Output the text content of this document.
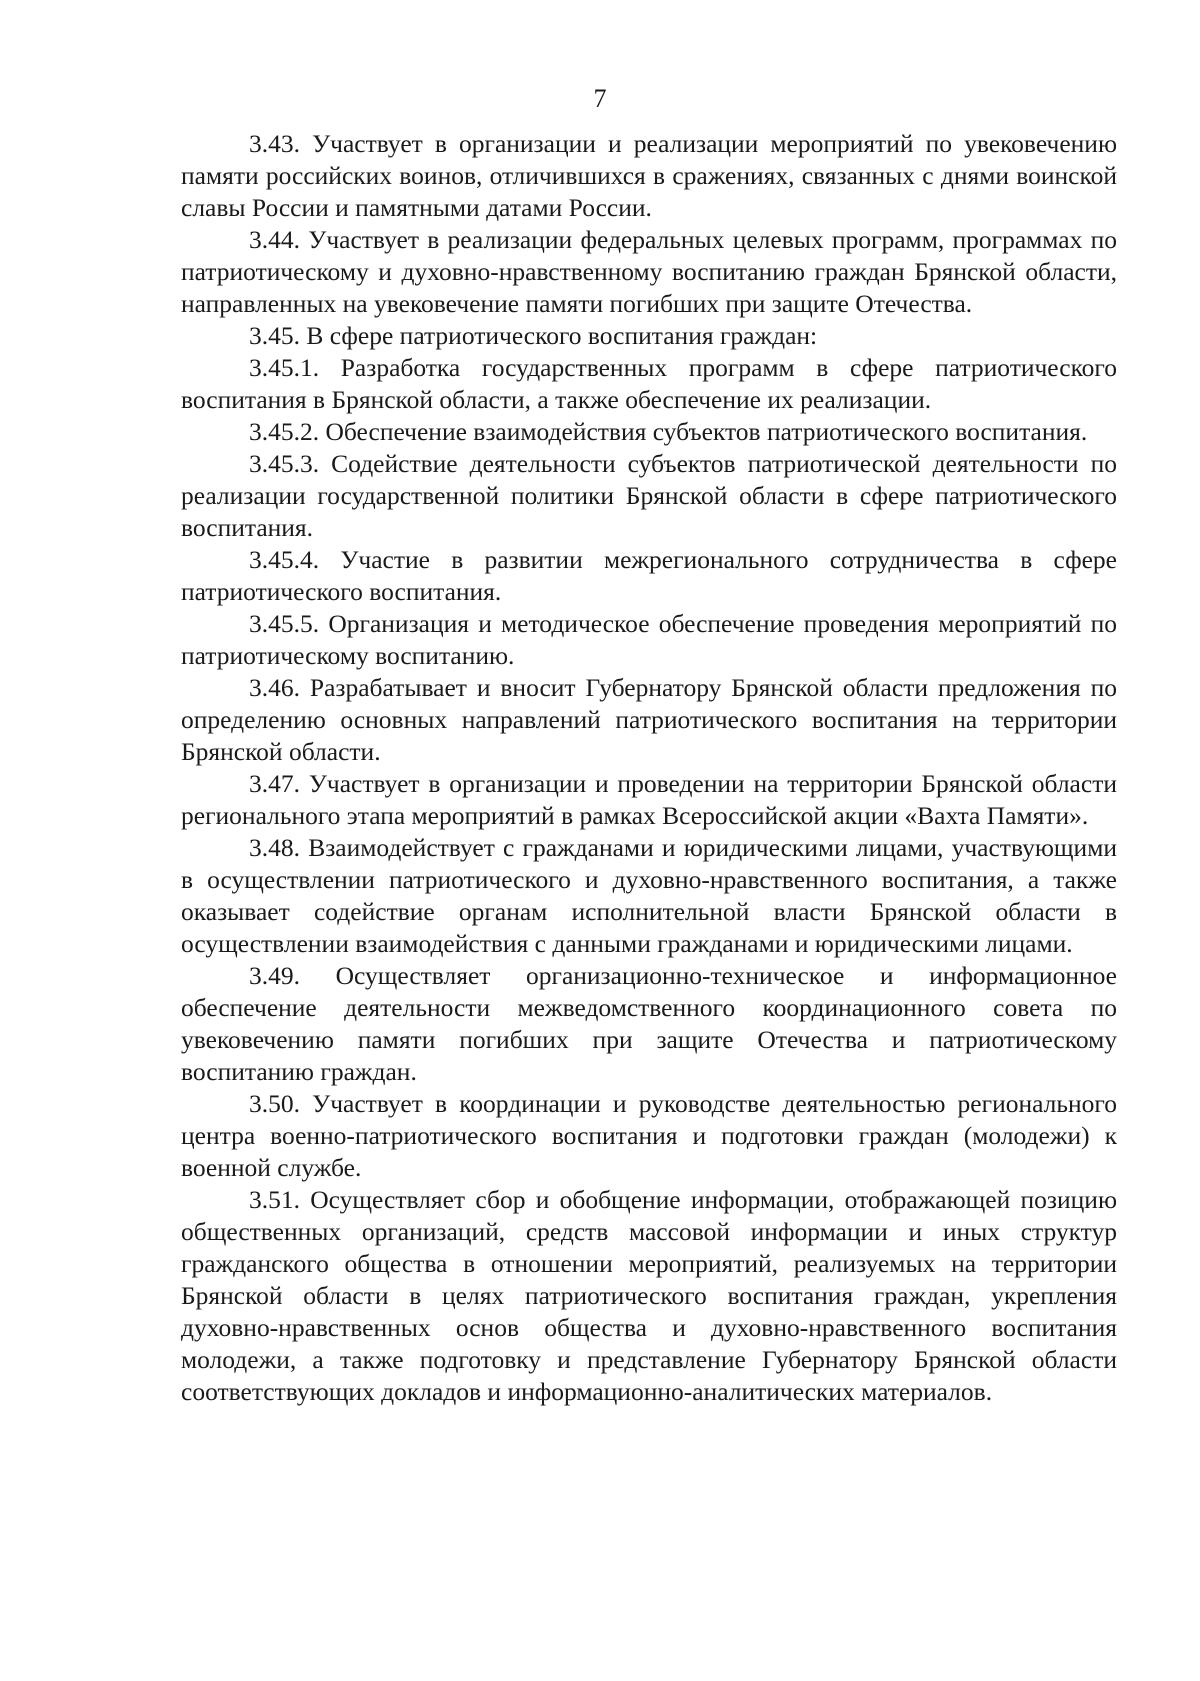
7

3.43. Участвует в организации и реализации мероприятий по увековечению памяти российских воинов, отличившихся в сражениях, связанных с днями воинской славы России и памятными датами России.

3.44. Участвует в реализации федеральных целевых программ, программах по патриотическому и духовно-нравственному воспитанию граждан Брянской области, направленных на увековечение памяти погибших при защите Отечества.

3.45. В сфере патриотического воспитания граждан:

3.45.1. Разработка государственных программ в сфере патриотического воспитания в Брянской области, а также обеспечение их реализации.

3.45.2. Обеспечение взаимодействия субъектов патриотического воспитания.

3.45.3. Содействие деятельности субъектов патриотической деятельности по реализации государственной политики Брянской области в сфере патриотического воспитания.

3.45.4. Участие в развитии межрегионального сотрудничества в сфере патриотического воспитания.

3.45.5. Организация и методическое обеспечение проведения мероприятий по патриотическому воспитанию.

3.46. Разрабатывает и вносит Губернатору Брянской области предложения по определению основных направлений патриотического воспитания на территории Брянской области.

3.47. Участвует в организации и проведении на территории Брянской области регионального этапа мероприятий в рамках Всероссийской акции «Вахта Памяти».

3.48. Взаимодействует с гражданами и юридическими лицами, участвующими в осуществлении патриотического и духовно-нравственного воспитания, а также оказывает содействие органам исполнительной власти Брянской области в осуществлении взаимодействия с данными гражданами и юридическими лицами.

3.49. Осуществляет организационно-техническое и информационное обеспечение деятельности межведомственного координационного совета по увековечению памяти погибших при защите Отечества и патриотическому воспитанию граждан.

3.50. Участвует в координации и руководстве деятельностью регионального центра военно-патриотического воспитания и подготовки граждан (молодежи) к военной службе.

3.51. Осуществляет сбор и обобщение информации, отображающей позицию общественных организаций, средств массовой информации и иных структур гражданского общества в отношении мероприятий, реализуемых на территории Брянской области в целях патриотического воспитания граждан, укрепления духовно-нравственных основ общества и духовно-нравственного воспитания молодежи, а также подготовку и представление Губернатору Брянской области соответствующих докладов и информационно-аналитических материалов.
